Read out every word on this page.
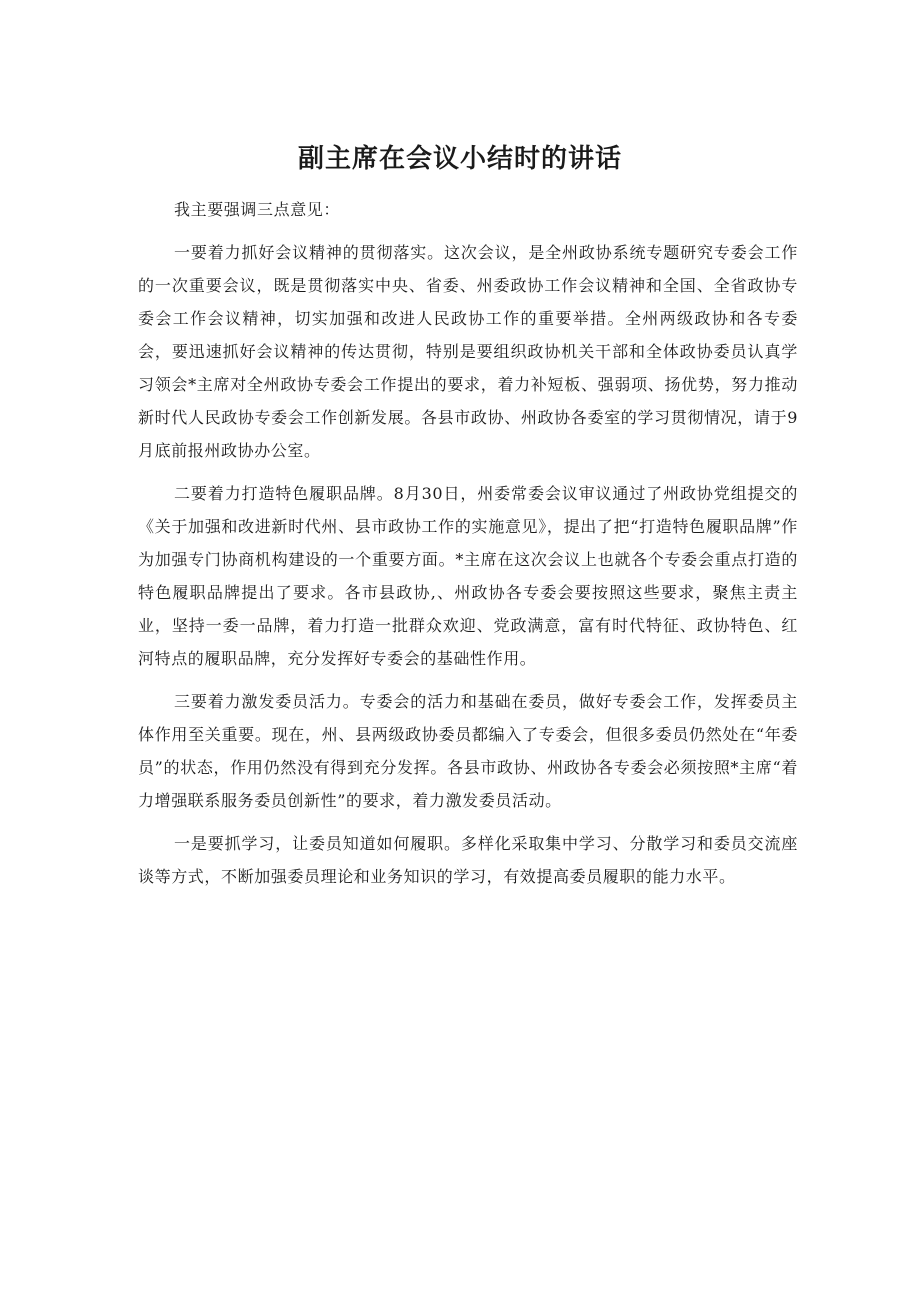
副主席在会议小结时的讲话

我主要强调三点意见：

一要着力抓好会议精神的贯彻落实。这次会议，是全州政协系统专题研究专委会工作的一次重要会议，既是贯彻落实中央、省委、州委政协工作会议精神和全国、全省政协专委会工作会议精神，切实加强和改进人民政协工作的重要举措。全州两级政协和各专委会，要迅速抓好会议精神的传达贯彻，特别是要组织政协机关干部和全体政协委员认真学习领会*主席对全州政协专委会工作提出的要求，着力补短板、强弱项、扬优势，努力推动新时代人民政协专委会工作创新发展。各县市政协、州政协各委室的学习贯彻情况，请于9月底前报州政协办公室。

二要着力打造特色履职品牌。8月30日，州委常委会议审议通过了州政协党组提交的《关于加强和改进新时代州、县市政协工作的实施意见》，提出了把“打造特色履职品牌”作为加强专门协商机构建设的一个重要方面。*主席在这次会议上也就各个专委会重点打造的特色履职品牌提出了要求。各市县政协,、州政协各专委会要按照这些要求，聚焦主责主业，坚持一委一品牌，着力打造一批群众欢迎、党政满意，富有时代特征、政协特色、红河特点的履职品牌，充分发挥好专委会的基础性作用。

三要着力激发委员活力。专委会的活力和基础在委员，做好专委会工作，发挥委员主体作用至关重要。现在，州、县两级政协委员都编入了专委会，但很多委员仍然处在“年委员”的状态，作用仍然没有得到充分发挥。各县市政协、州政协各专委会必须按照*主席“着力增强联系服务委员创新性”的要求，着力激发委员活动。

一是要抓学习，让委员知道如何履职。多样化采取集中学习、分散学习和委员交流座谈等方式，不断加强委员理论和业务知识的学习，有效提高委员履职的能力水平。
